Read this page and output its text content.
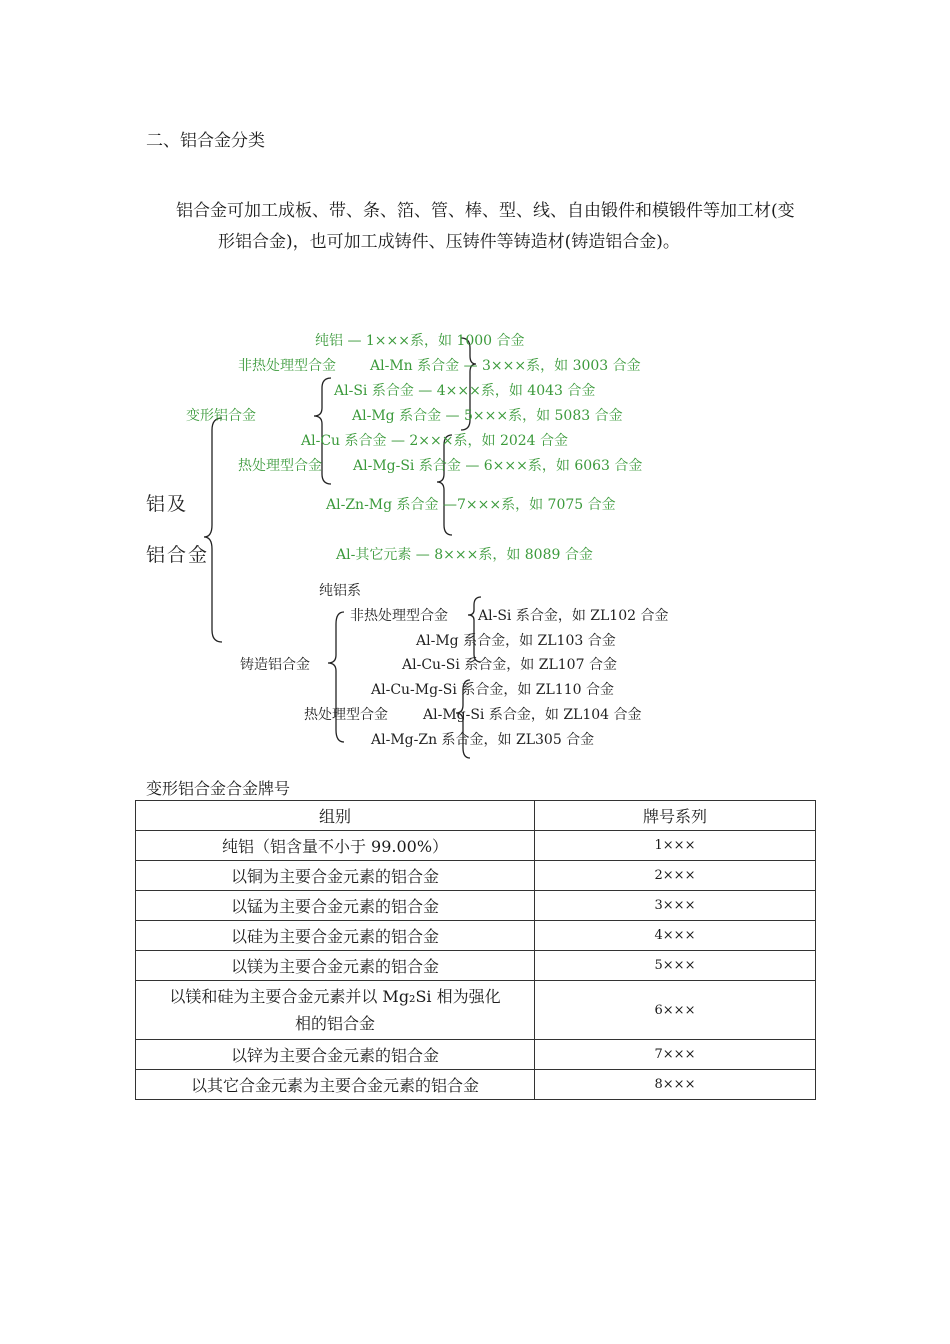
二、铝合金分类
铝合金可加工成板、带、条、箔、管、棒、型、线、自由锻件和模锻件等加工材(变
形铝合金)，也可加工成铸件、压铸件等铸造材(铸造铝合金)。
铝及
铝合金
变形铝合金
纯铝 — 1×××系，如 1000 合金
非热处理型合金 Al-Mn 系合金 — 3×××系，如 3003 合金
Al-Si 系合金 — 4×××系，如 4043 合金
Al-Mg 系合金 — 5×××系，如 5083 合金
Al-Cu 系合金 — 2×××系，如 2024 合金
热处理型合金 Al-Mg-Si 系合金 — 6×××系，如 6063 合金
Al-Zn-Mg 系合金 —7×××系，如 7075 合金
Al-其它元素 — 8×××系，如 8089 合金
铸造铝合金
纯铝系
非热处理型合金 Al-Si 系合金，如 ZL102 合金
Al-Mg 系合金，如 ZL103 合金
Al-Cu-Si 系合金，如 ZL107 合金
Al-Cu-Mg-Si 系合金，如 ZL110 合金
热处理型合金	Al-Mg-Si 系合金，如 ZL104 合金
Al-Mg-Zn 系合金，如 ZL305 合金
变形铝合金合金牌号
组别	牌号系列
纯铝（铝含量不小于 99.00%）	1×××
以铜为主要合金元素的铝合金	2×××
以锰为主要合金元素的铝合金	3×××
以硅为主要合金元素的铝合金	4×××
以镁为主要合金元素的铝合金	5×××
以镁和硅为主要合金元素并以 Mg₂Si 相为强化
相的铝合金	6×××
以锌为主要合金元素的铝合金	7×××
以其它合金元素为主要合金元素的铝合金	8×××
